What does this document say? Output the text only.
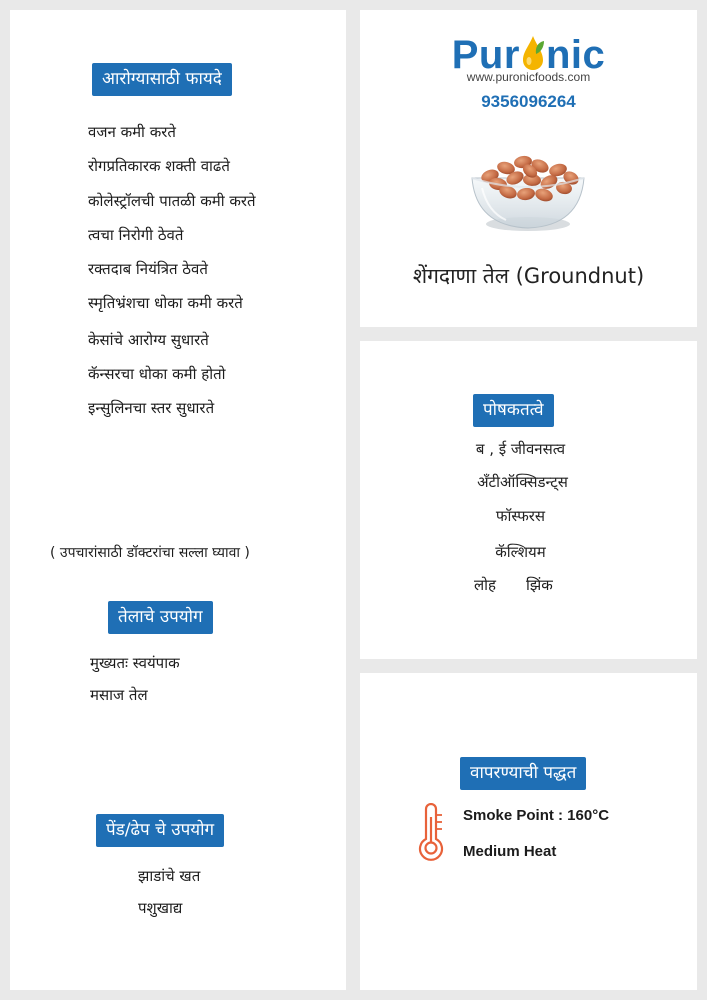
आरोग्यासाठी फायदे
वजन कमी करते
रोगप्रतिकारक शक्ती वाढते
कोलेस्ट्रॉलची पातळी कमी करते
त्वचा निरोगी ठेवते
रक्तदाब नियंत्रित ठेवते
स्मृतिभ्रंशचा धोका कमी करते
केसांचे आरोग्य सुधारते
कॅन्सरचा धोका कमी होतो
इन्सुलिनचा स्तर सुधारते
( उपचारांसाठी डॉक्टरांचा सल्ला घ्यावा )
तेलाचे उपयोग
मुख्यतः स्वयंपाक
मसाज तेल
पेंड/ढेप चे उपयोग
झाडांचे खत
पशुखाद्य
Pur nic
www.puronicfoods.com
9356096264
शेंगदाणा तेल (Groundnut)
पोषकतत्वे
ब , ई जीवनसत्व
अँटीऑक्सिडन्ट्स
फॉस्फरस
कॅल्शियम
लोह झिंक
वापरण्याची पद्धत
Smoke Point : 160°C
Medium Heat
